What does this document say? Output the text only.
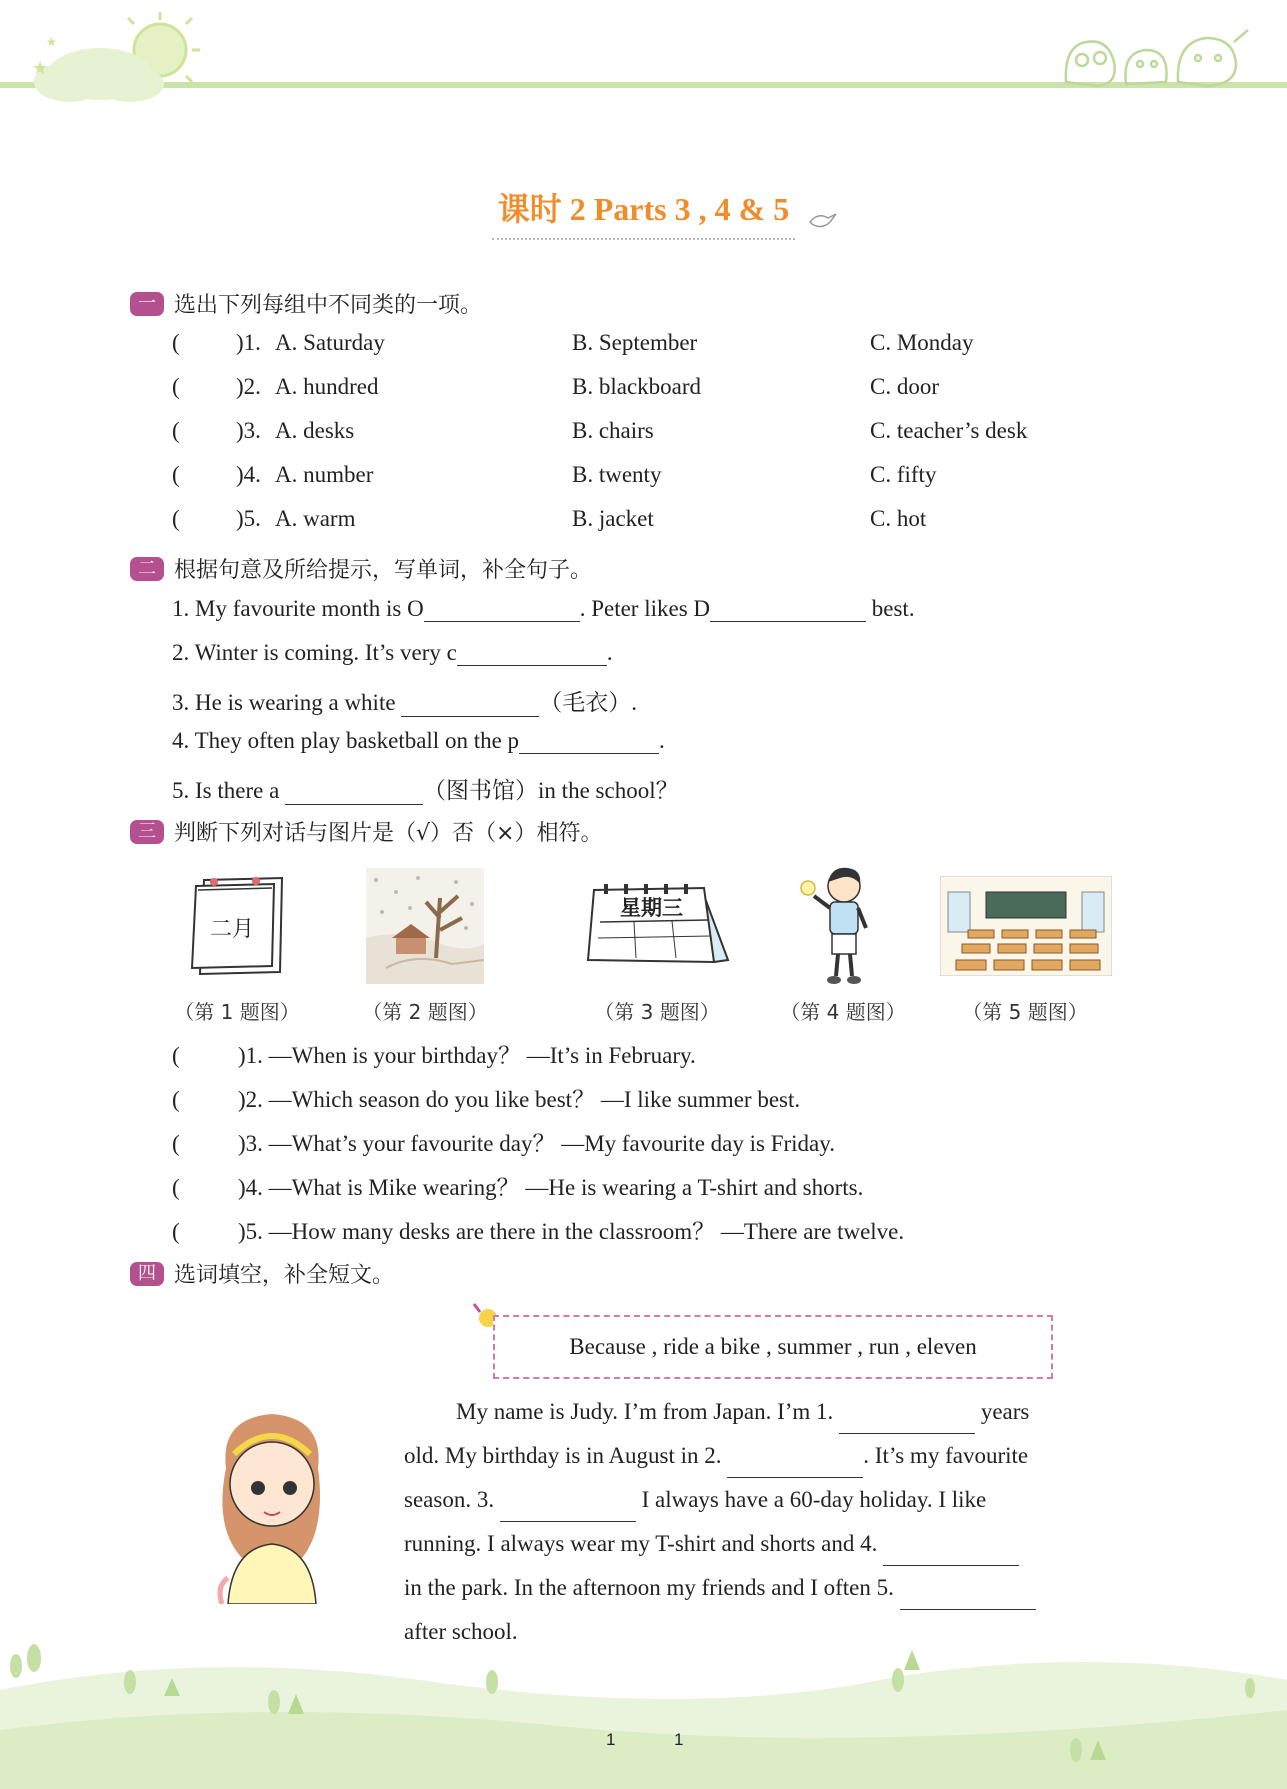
★
★
课时 2 Parts 3 , 4 & 5
一 选出下列每组中不同类的一项。
( )1. A. Saturday	B. September	C. Monday
( )2. A. hundred	B. blackboard	C. door
( )3. A. desks	B. chairs	C. teacher’s desk
( )4. A. number	B. twenty	C. fifty
( )5. A. warm	B. jacket	C. hot
二 根据句意及所给提示，写单词，补全句子。
1. My favourite month is O	. Peter likes D	best.
2. Winter is coming. It’s very c	.
3. He is wearing a white	（毛衣）.
4. They often play basketball on the p	.
5. Is there a	（图书馆）in the school？
三 判断下列对话与图片是（√）否（×）相符。
二月
星期三
（第 1 题图）	（第 2 题图）	（第 3 题图）	（第 4 题图）	（第 5 题图）
(	)1. —When is your birthday？ —It’s in February.
(	)2. —Which season do you like best？ —I like summer best.
(	)3. —What’s your favourite day？ —My favourite day is Friday.
(	)4. —What is Mike wearing？ —He is wearing a T-shirt and shorts.
(	)5. —How many desks are there in the classroom？ —There are twelve.
四 选词填空，补全短文。
Because , ride a bike , summer , run , eleven
My name is Judy. I’m from Japan. I’m 1.	years
old. My birthday is in August in 2.	. It’s my favourite
season. 3.	I always have a 60-day holiday. I like
running. I always wear my T-shirt and shorts and 4.
in the park. In the afternoon my friends and I often 5.
after school.
1	1
